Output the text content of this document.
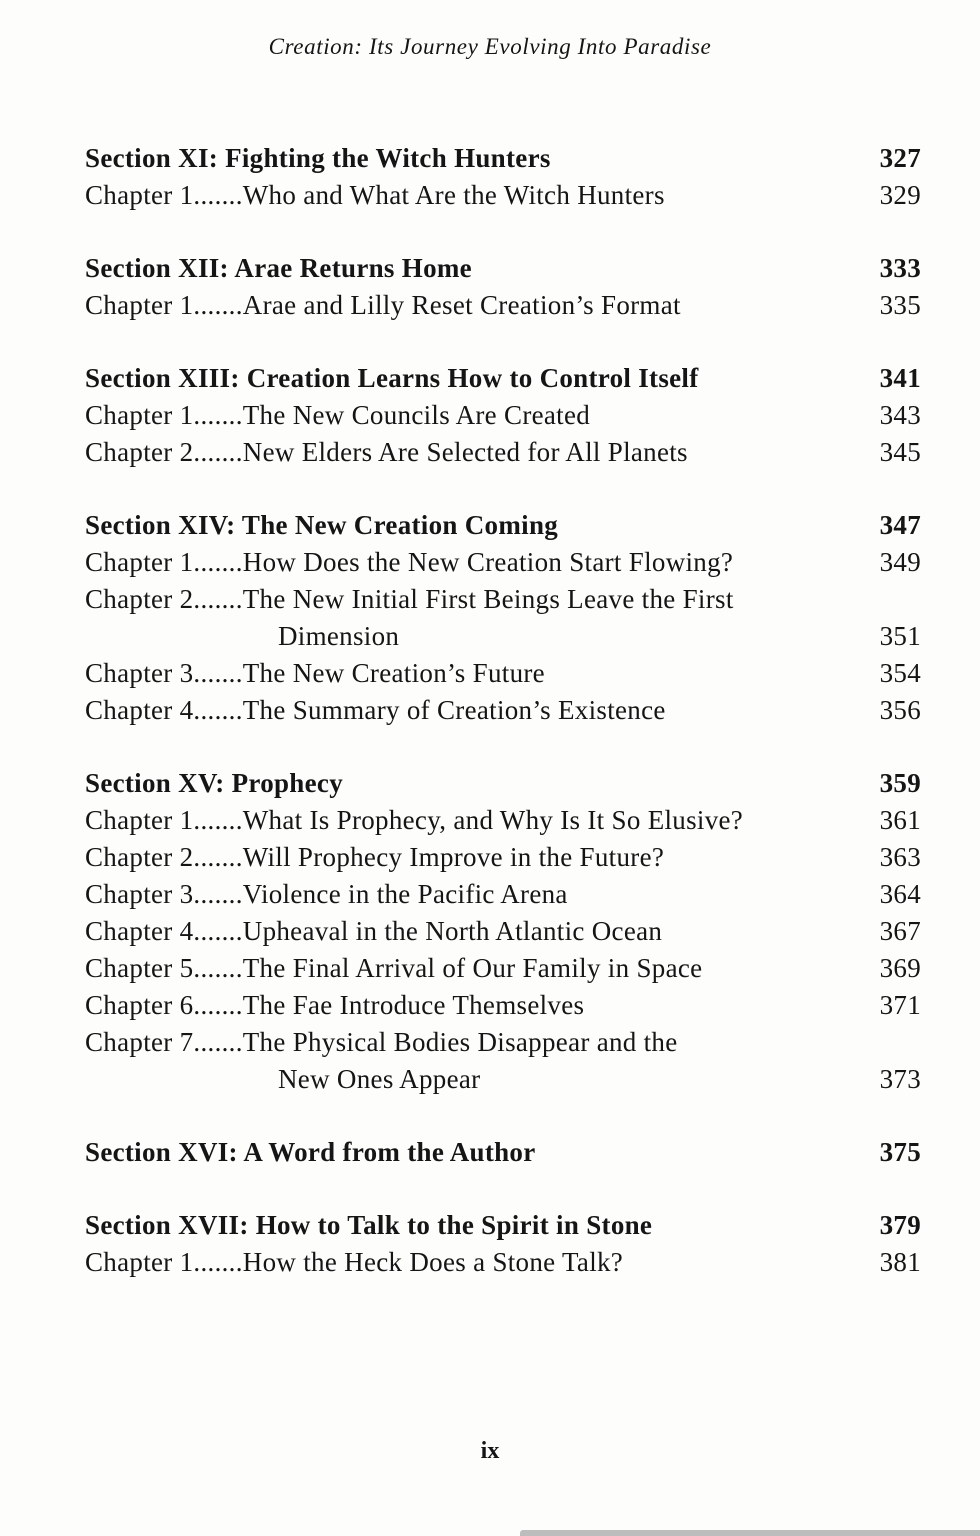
Creation: Its Journey Evolving Into Paradise
Section XI: Fighting the Witch Hunters	327
Chapter 1.......Who and What Are the Witch Hunters	329
Section XII: Arae Returns Home	333
Chapter 1.......Arae and Lilly Reset Creation’s Format	335
Section XIII: Creation Learns How to Control Itself	341
Chapter 1.......The New Councils Are Created	343
Chapter 2.......New Elders Are Selected for All Planets	345
Section XIV: The New Creation Coming	347
Chapter 1.......How Does the New Creation Start Flowing?	349
Chapter 2.......The New Initial First Beings Leave the First
Dimension	351
Chapter 3.......The New Creation’s Future	354
Chapter 4.......The Summary of Creation’s Existence	356
Section XV: Prophecy	359
Chapter 1.......What Is Prophecy, and Why Is It So Elusive?	361
Chapter 2.......Will Prophecy Improve in the Future?	363
Chapter 3.......Violence in the Pacific Arena	364
Chapter 4.......Upheaval in the North Atlantic Ocean	367
Chapter 5.......The Final Arrival of Our Family in Space	369
Chapter 6.......The Fae Introduce Themselves	371
Chapter 7.......The Physical Bodies Disappear and the
New Ones Appear	373
Section XVI: A Word from the Author	375
Section XVII: How to Talk to the Spirit in Stone	379
Chapter 1.......How the Heck Does a Stone Talk?	381
ix
